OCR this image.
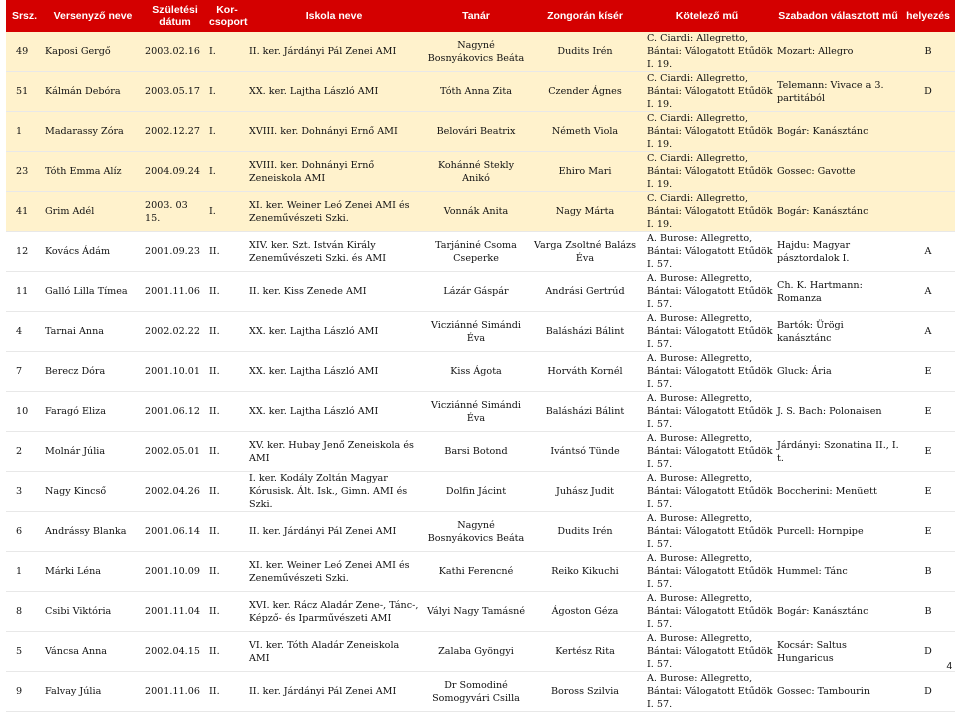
Srsz.	Versenyző neve	Születési dátum	Kor-csoport	Iskola neve	Tanár	Zongorán kísér	Kötelező mű	Szabadon választott mű	helyezés
49	Kaposi Gergő	2003.02.16	I.	II. ker. Járdányi Pál Zenei AMI	Nagyné Bosnyákovics Beáta	Dudits Irén	C. Ciardi: Allegretto, Bántai: Válogatott Etűdök I. 19.	Mozart: Allegro	B
51	Kálmán Debóra	2003.05.17	I.	XX. ker. Lajtha László AMI	Tóth Anna Zita	Czender Ágnes	C. Ciardi: Allegretto, Bántai: Válogatott Etűdök I. 19.	Telemann: Vivace a 3. partitából	D
1	Madarassy Zóra	2002.12.27	I.	XVIII. ker. Dohnányi Ernő AMI	Belovári Beatrix	Németh Viola	C. Ciardi: Allegretto, Bántai: Válogatott Etűdök I. 19.	Bogár: Kanásztánc	
23	Tóth Emma Alíz	2004.09.24	I.	XVIII. ker. Dohnányi Ernő Zeneiskola AMI	Kohánné Stekly Anikó	Ehiro Mari	C. Ciardi: Allegretto, Bántai: Válogatott Etűdök I. 19.	Gossec: Gavotte	
41	Grim Adél	2003. 03 15.	I.	XI. ker. Weiner Leó Zenei AMI és Zeneművészeti Szki.	Vonnák Anita	Nagy Márta	C. Ciardi: Allegretto, Bántai: Válogatott Etűdök I. 19.	Bogár: Kanásztánc	
12	Kovács Ádám	2001.09.23	II.	XIV. ker. Szt. István Király Zeneművészeti Szki. és AMI	Tarjániné Csoma Cseperke	Varga Zsoltné Balázs Éva	A. Burose: Allegretto, Bántai: Válogatott Etűdök I. 57.	Hajdu: Magyar pásztordalok I.	A
11	Galló Lilla Tímea	2001.11.06	II.	II. ker. Kiss Zenede AMI	Lázár Gáspár	Andrási Gertrúd	A. Burose: Allegretto, Bántai: Válogatott Etűdök I. 57.	Ch. K. Hartmann: Romanza	A
4	Tarnai Anna	2002.02.22	II.	XX. ker. Lajtha László AMI	Vicziánné Simándi Éva	Balásházi Bálint	A. Burose: Allegretto, Bántai: Válogatott Etűdök I. 57.	Bartók: Ürögi kanásztánc	A
7	Berecz Dóra	2001.10.01	II.	XX. ker. Lajtha László AMI	Kiss Ágota	Horváth Kornél	A. Burose: Allegretto, Bántai: Válogatott Etűdök I. 57.	Gluck: Ária	E
10	Faragó Eliza	2001.06.12	II.	XX. ker. Lajtha László AMI	Vicziánné Simándi Éva	Balásházi Bálint	A. Burose: Allegretto, Bántai: Válogatott Etűdök I. 57.	J. S. Bach: Polonaisen	E
2	Molnár Júlia	2002.05.01	II.	XV. ker. Hubay Jenő Zeneiskola és AMI	Barsi Botond	Ivántsó Tünde	A. Burose: Allegretto, Bántai: Válogatott Etűdök I. 57.	Járdányi: Szonatina II., I. t.	E
3	Nagy Kincső	2002.04.26	II.	I. ker. Kodály Zoltán Magyar Kórusisk. Ált. Isk., Gimn. AMI és Szki.	Dolfin Jácint	Juhász Judit	A. Burose: Allegretto, Bántai: Válogatott Etűdök I. 57.	Boccherini: Menüett	E
6	Andrássy Blanka	2001.06.14	II.	II. ker. Járdányi Pál Zenei AMI	Nagyné Bosnyákovics Beáta	Dudits Irén	A. Burose: Allegretto, Bántai: Válogatott Etűdök I. 57.	Purcell: Hornpipe	E
1	Márki Léna	2001.10.09	II.	XI. ker. Weiner Leó Zenei AMI és Zeneművészeti Szki.	Kathi Ferencné	Reiko Kikuchi	A. Burose: Allegretto, Bántai: Válogatott Etűdök I. 57.	Hummel: Tánc	B
8	Csibi Viktória	2001.11.04	II.	XVI. ker. Rácz Aladár Zene-, Tánc-, Képző- és Iparművészeti AMI	Vályi Nagy Tamásné	Ágoston Géza	A. Burose: Allegretto, Bántai: Válogatott Etűdök I. 57.	Bogár: Kanásztánc	B
5	Váncsa Anna	2002.04.15	II.	VI. ker. Tóth Aladár Zeneiskola AMI	Zalaba Gyöngyi	Kertész Rita	A. Burose: Allegretto, Bántai: Válogatott Etűdök I. 57.	Kocsár: Saltus Hungaricus	D
9	Falvay Júlia	2001.11.06	II.	II. ker. Járdányi Pál Zenei AMI	Dr Somodiné Somogyvári Csilla	Boross Szilvia	A. Burose: Allegretto, Bántai: Válogatott Etűdök I. 57.	Gossec: Tambourin	D
4
